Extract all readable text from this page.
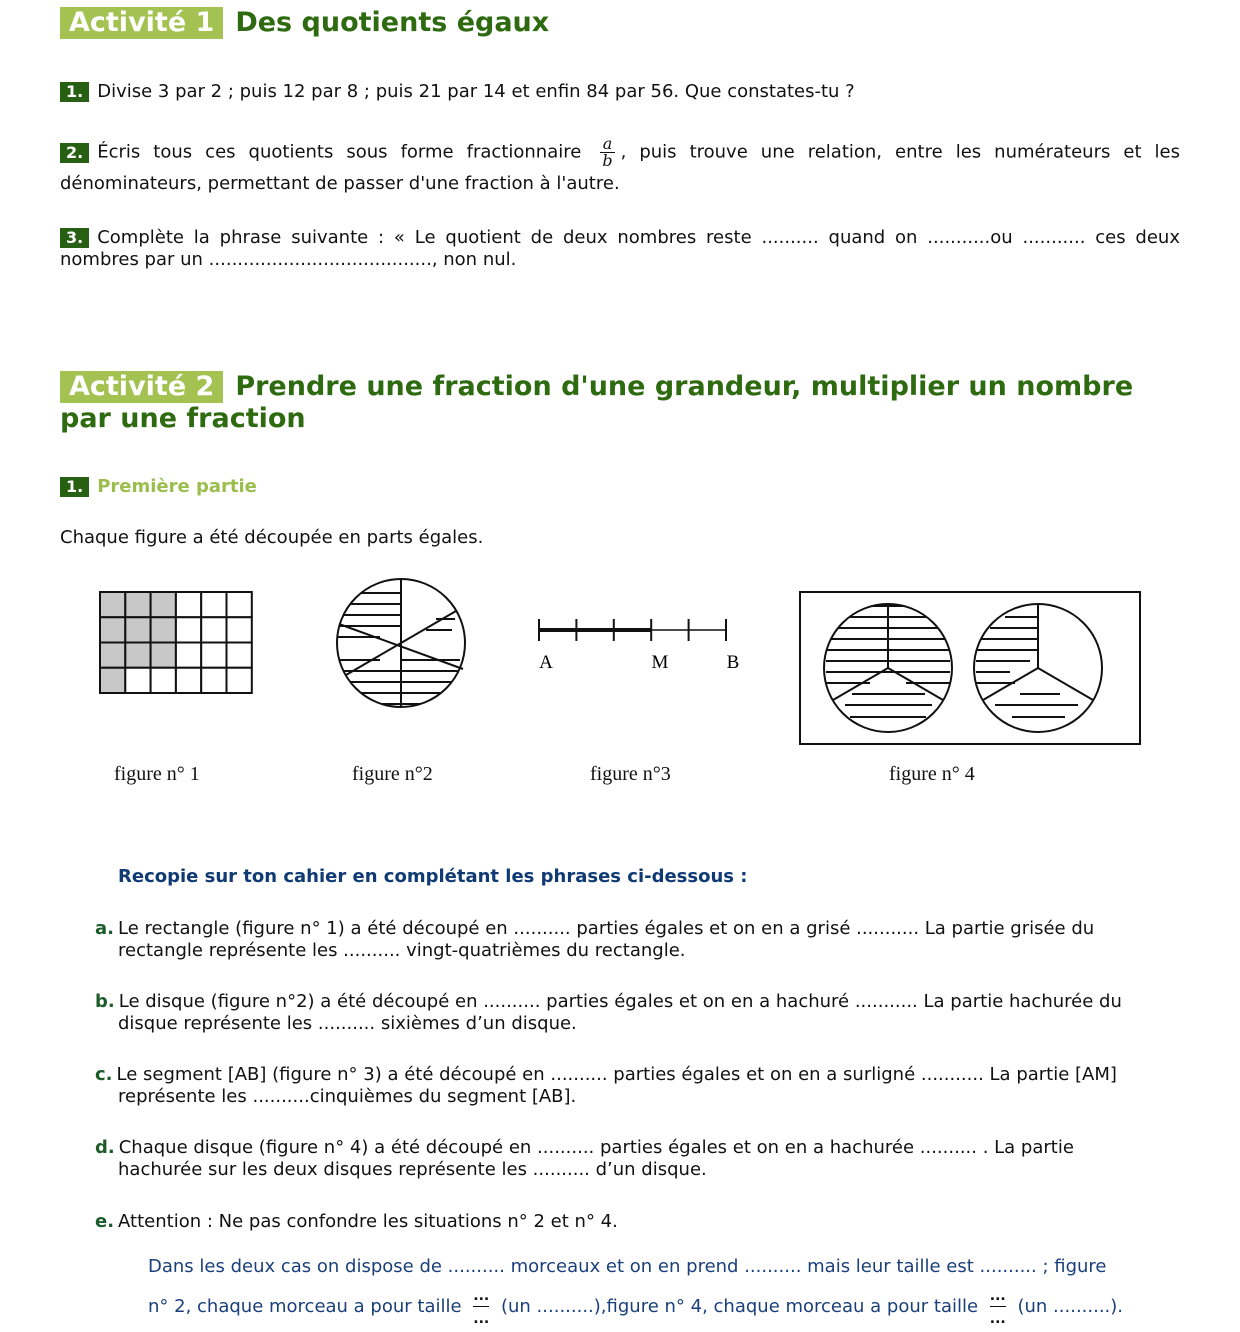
Activité 1 Des quotients égaux
1. Divise 3 par 2 ; puis 12 par 8 ; puis 21 par 14 et enfin 84 par 56. Que constates-tu ?
2. Écris tous ces quotients sous forme fractionnaire $\frac{a}{b}$ , puis trouve une relation, entre les numérateurs et les dénominateurs, permettant de passer d'une fraction à l'autre.
3. Complète la phrase suivante : « Le quotient de deux nombres reste .......... quand on ...........ou ........... ces deux nombres par un ......................................., non nul.
Activité 2 Prendre une fraction d'une grandeur, multiplier un nombre par une fraction
1. Première partie
Chaque figure a été découpée en parts égales.
A	M	B
figure n° 1	figure n°2	figure n°3	figure n° 4
Recopie sur ton cahier en complétant les phrases ci-dessous :
a. Le rectangle (figure n° 1) a été découpé en .......... parties égales et on en a grisé ........... La partie grisée du
rectangle représente les .......... vingt-quatrièmes du rectangle.
b. Le disque (figure n°2) a été découpé en .......... parties égales et on en a hachuré ........... La partie hachurée du
disque représente les .......... sixièmes d’un disque.
c. Le segment [AB] (figure n° 3) a été découpé en .......... parties égales et on en a surligné ........... La partie [AM]
représente les ..........cinquièmes du segment [AB].
d. Chaque disque (figure n° 4) a été découpé en .......... parties égales et on en a hachurée .......... . La partie
hachurée sur les deux disques représente les .......... d’un disque.
e. Attention : Ne pas confondre les situations n° 2 et n° 4.
Dans les deux cas on dispose de .......... morceaux et on en prend .......... mais leur taille est .......... ; figure
n° 2, chaque morceau a pour taille
...
...
(un ..........),figure n° 4, chaque morceau a pour taille
...
...
(un ..........).
